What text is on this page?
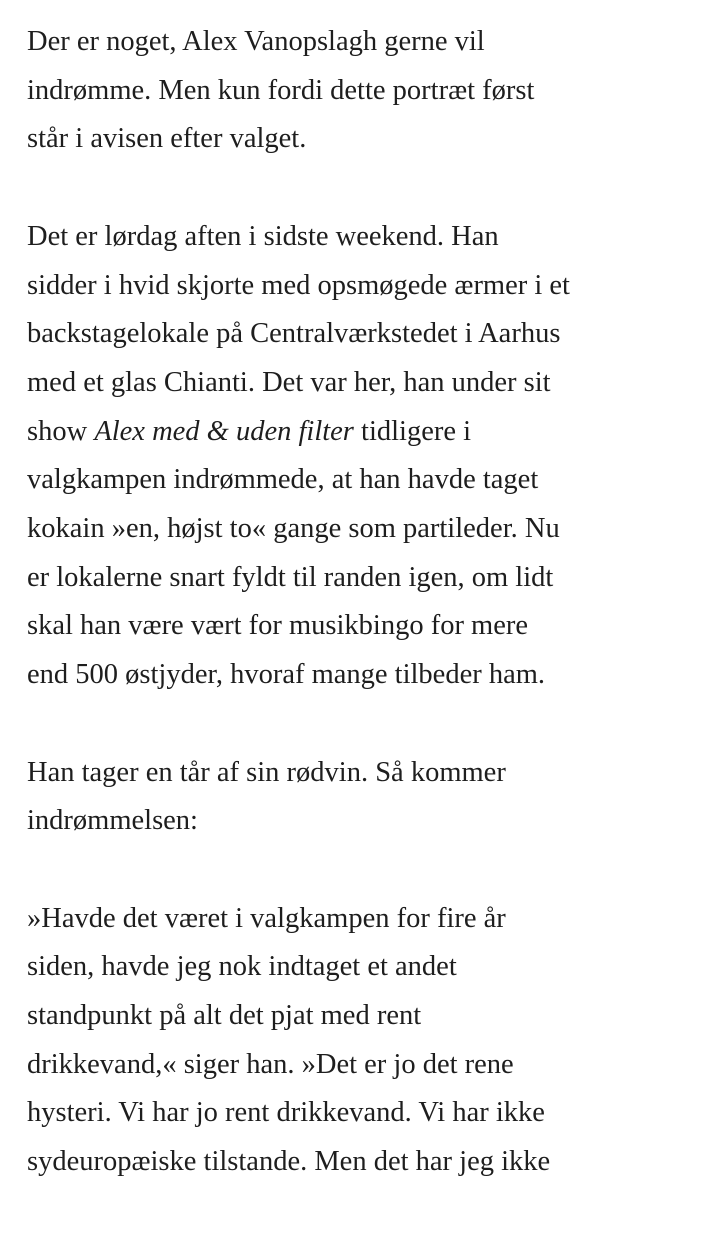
Der er noget, Alex Vanopslagh gerne vil
indrømme. Men kun fordi dette portræt først
står i avisen efter valget.

Det er lørdag aften i sidste weekend. Han
sidder i hvid skjorte med opsmøgede ærmer i et
backstagelokale på Centralværkstedet i Aarhus
med et glas Chianti. Det var her, han under sit
show Alex med & uden filter tidligere i
valgkampen indrømmede, at han havde taget
kokain »en, højst to« gange som partileder. Nu
er lokalerne snart fyldt til randen igen, om lidt
skal han være vært for musikbingo for mere
end 500 østjyder, hvoraf mange tilbeder ham.

Han tager en tår af sin rødvin. Så kommer
indrømmelsen:

»Havde det været i valgkampen for fire år
siden, havde jeg nok indtaget et andet
standpunkt på alt det pjat med rent
drikkevand,« siger han. »Det er jo det rene
hysteri. Vi har jo rent drikkevand. Vi har ikke
sydeuropæiske tilstande. Men det har jeg ikke
